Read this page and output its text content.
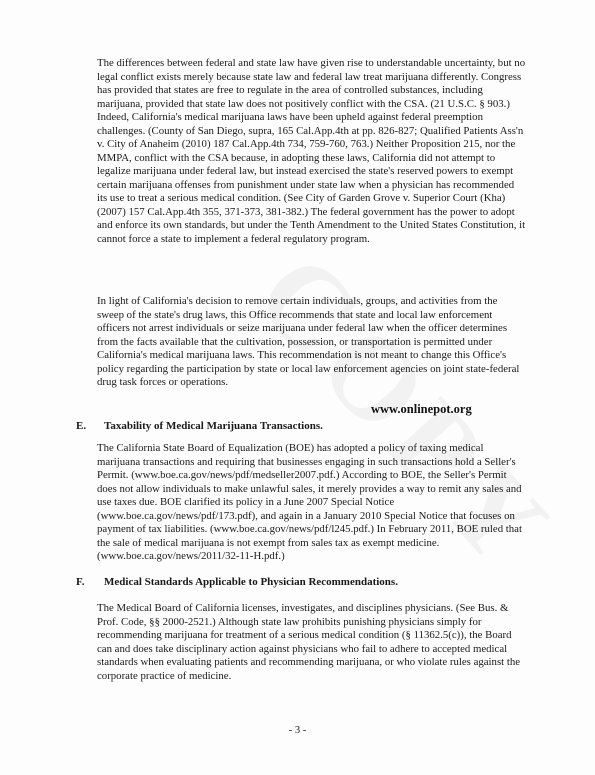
The differences between federal and state law have given rise to understandable uncertainty, but no legal conflict exists merely because state law and federal law treat marijuana differently. Congress has provided that states are free to regulate in the area of controlled substances, including marijuana, provided that state law does not positively conflict with the CSA. (21 U.S.C. § 903.) Indeed, California's medical marijuana laws have been upheld against federal preemption challenges. (County of San Diego, supra, 165 Cal.App.4th at pp. 826-827; Qualified Patients Ass'n v. City of Anaheim (2010) 187 Cal.App.4th 734, 759-760, 763.) Neither Proposition 215, nor the MMPA, conflict with the CSA because, in adopting these laws, California did not attempt to legalize marijuana under federal law, but instead exercised the state's reserved powers to exempt certain marijuana offenses from punishment under state law when a physician has recommended its use to treat a serious medical condition. (See City of Garden Grove v. Superior Court (Kha) (2007) 157 Cal.App.4th 355, 371-373, 381-382.) The federal government has the power to adopt and enforce its own standards, but under the Tenth Amendment to the United States Constitution, it cannot force a state to implement a federal regulatory program.

In light of California's decision to remove certain individuals, groups, and activities from the sweep of the state's drug laws, this Office recommends that state and local law enforcement officers not arrest individuals or seize marijuana under federal law when the officer determines from the facts available that the cultivation, possession, or transportation is permitted under California's medical marijuana laws. This recommendation is not meant to change this Office's policy regarding the participation by state or local law enforcement agencies on joint state-federal drug task forces or operations.

www.onlinepot.org
E. Taxability of Medical Marijuana Transactions.

The California State Board of Equalization (BOE) has adopted a policy of taxing medical marijuana transactions and requiring that businesses engaging in such transactions hold a Seller's Permit. (www.boe.ca.gov/news/pdf/medseller2007.pdf.) According to BOE, the Seller's Permit does not allow individuals to make unlawful sales, it merely provides a way to remit any sales and use taxes due. BOE clarified its policy in a June 2007 Special Notice (www.boe.ca.gov/news/pdf/173.pdf), and again in a January 2010 Special Notice that focuses on payment of tax liabilities. (www.boe.ca.gov/news/pdf/l245.pdf.) In February 2011, BOE ruled that the sale of medical marijuana is not exempt from sales tax as exempt medicine. (www.boe.ca.gov/news/2011/32-11-H.pdf.)

F. Medical Standards Applicable to Physician Recommendations.

The Medical Board of California licenses, investigates, and disciplines physicians. (See Bus. & Prof. Code, §§ 2000-2521.) Although state law prohibits punishing physicians simply for recommending marijuana for treatment of a serious medical condition (§ 11362.5(c)), the Board can and does take disciplinary action against physicians who fail to adhere to accepted medical standards when evaluating patients and recommending marijuana, or who violate rules against the corporate practice of medicine.

- 3 -
